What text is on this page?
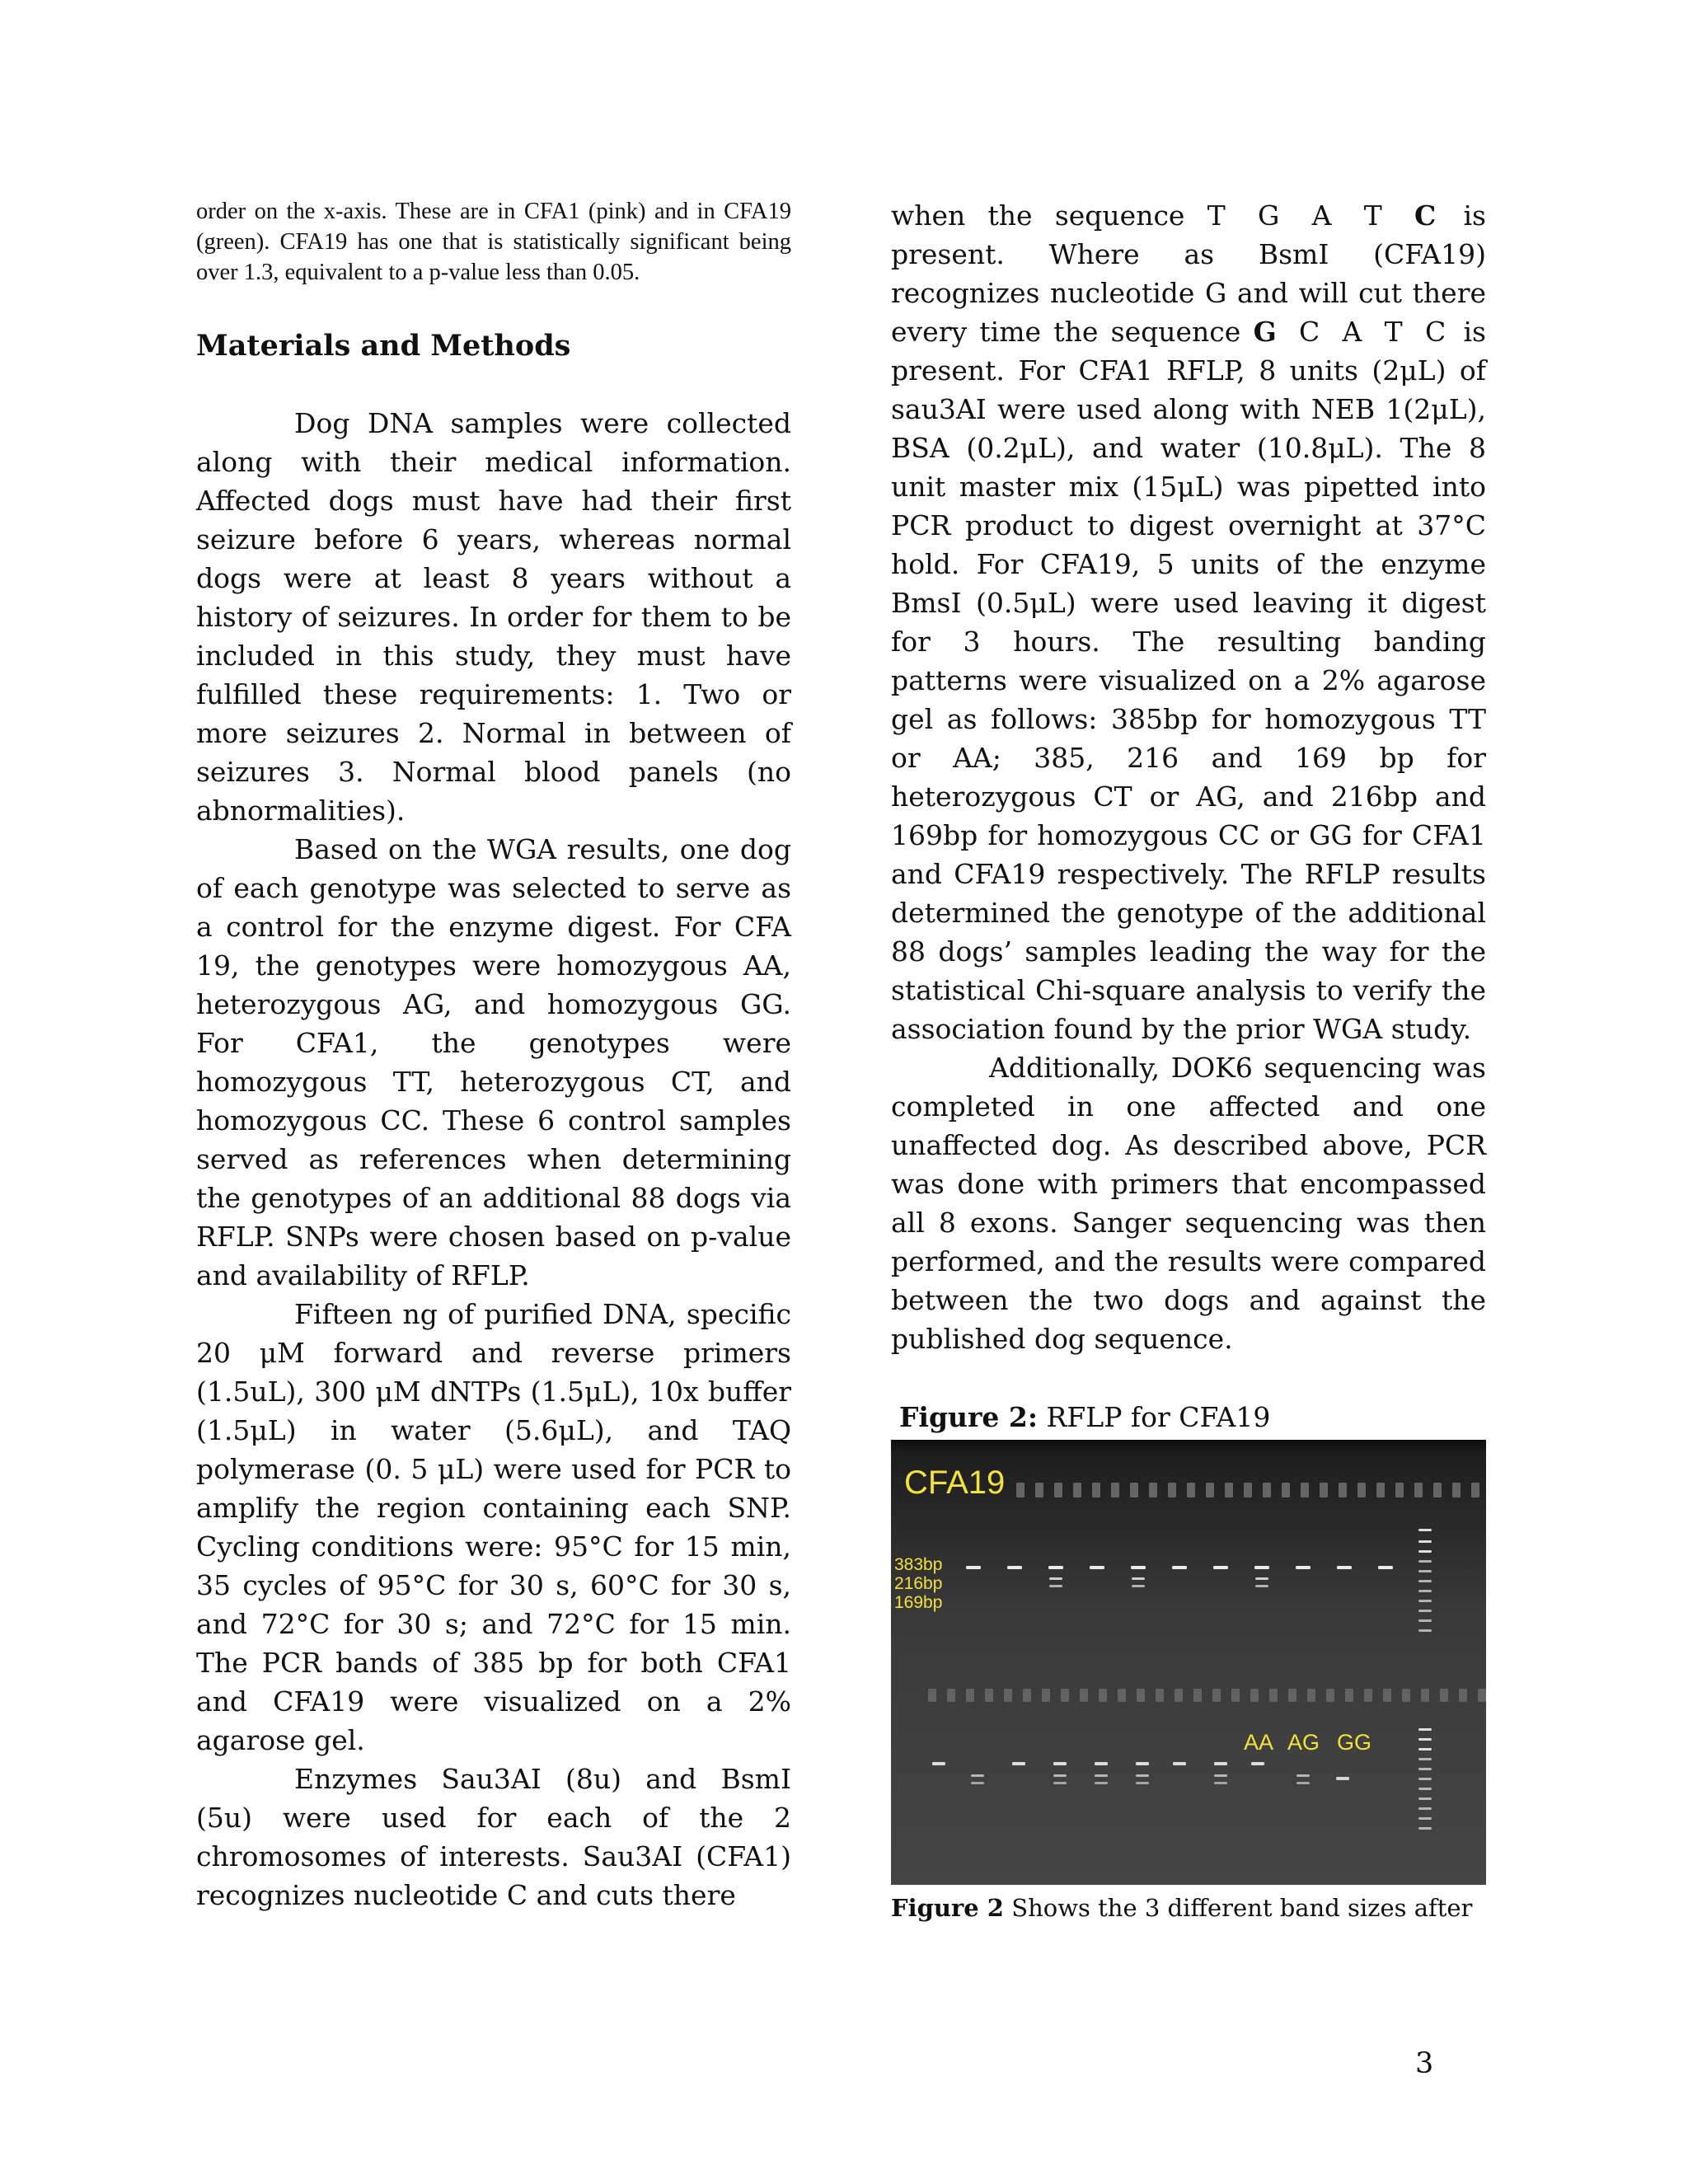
order on the x-axis. These are in CFA1 (pink) and in CFA19 (green). CFA19 has one that is statistically significant being over 1.3, equivalent to a p-value less than 0.05.

Materials and Methods

Dog DNA samples were collected along with their medical information. Affected dogs must have had their first seizure before 6 years, whereas normal dogs were at least 8 years without a history of seizures. In order for them to be included in this study, they must have fulfilled these requirements: 1. Two or more seizures 2. Normal in between of seizures 3. Normal blood panels (no abnormalities).

Based on the WGA results, one dog of each genotype was selected to serve as a control for the enzyme digest. For CFA 19, the genotypes were homozygous AA, heterozygous AG, and homozygous GG. For CFA1, the genotypes were homozygous TT, heterozygous CT, and homozygous CC. These 6 control samples served as references when determining the genotypes of an additional 88 dogs via RFLP. SNPs were chosen based on p-value and availability of RFLP.

Fifteen ng of purified DNA, specific 20 μM forward and reverse primers (1.5uL), 300 μM dNTPs (1.5μL), 10x buffer (1.5μL) in water (5.6μL), and TAQ polymerase (0. 5 μL) were used for PCR to amplify the region containing each SNP. Cycling conditions were: 95°C for 15 min, 35 cycles of 95°C for 30 s, 60°C for 30 s, and 72°C for 30 s; and 72°C for 15 min. The PCR bands of 385 bp for both CFA1 and CFA19 were visualized on a 2% agarose gel.

Enzymes Sau3AI (8u) and BsmI (5u) were used for each of the 2 chromosomes of interests. Sau3AI (CFA1) recognizes nucleotide C and cuts there

when the sequence T G A T C is present. Where as BsmI (CFA19) recognizes nucleotide G and will cut there every time the sequence G C A T C is present. For CFA1 RFLP, 8 units (2μL) of sau3AI were used along with NEB 1(2μL), BSA (0.2μL), and water (10.8μL). The 8 unit master mix (15μL) was pipetted into PCR product to digest overnight at 37°C hold. For CFA19, 5 units of the enzyme BmsI (0.5μL) were used leaving it digest for 3 hours. The resulting banding patterns were visualized on a 2% agarose gel as follows: 385bp for homozygous TT or AA; 385, 216 and 169 bp for heterozygous CT or AG, and 216bp and 169bp for homozygous CC or GG for CFA1 and CFA19 respectively. The RFLP results determined the genotype of the additional 88 dogs’ samples leading the way for the statistical Chi-square analysis to verify the association found by the prior WGA study.

Additionally, DOK6 sequencing was completed in one affected and one unaffected dog. As described above, PCR was done with primers that encompassed all 8 exons. Sanger sequencing was then performed, and the results were compared between the two dogs and against the published dog sequence.

Figure 2: RFLP for CFA19
CFA19
383bp
216bp
169bp
AA AG GG
Figure 2 Shows the 3 different band sizes after
3
